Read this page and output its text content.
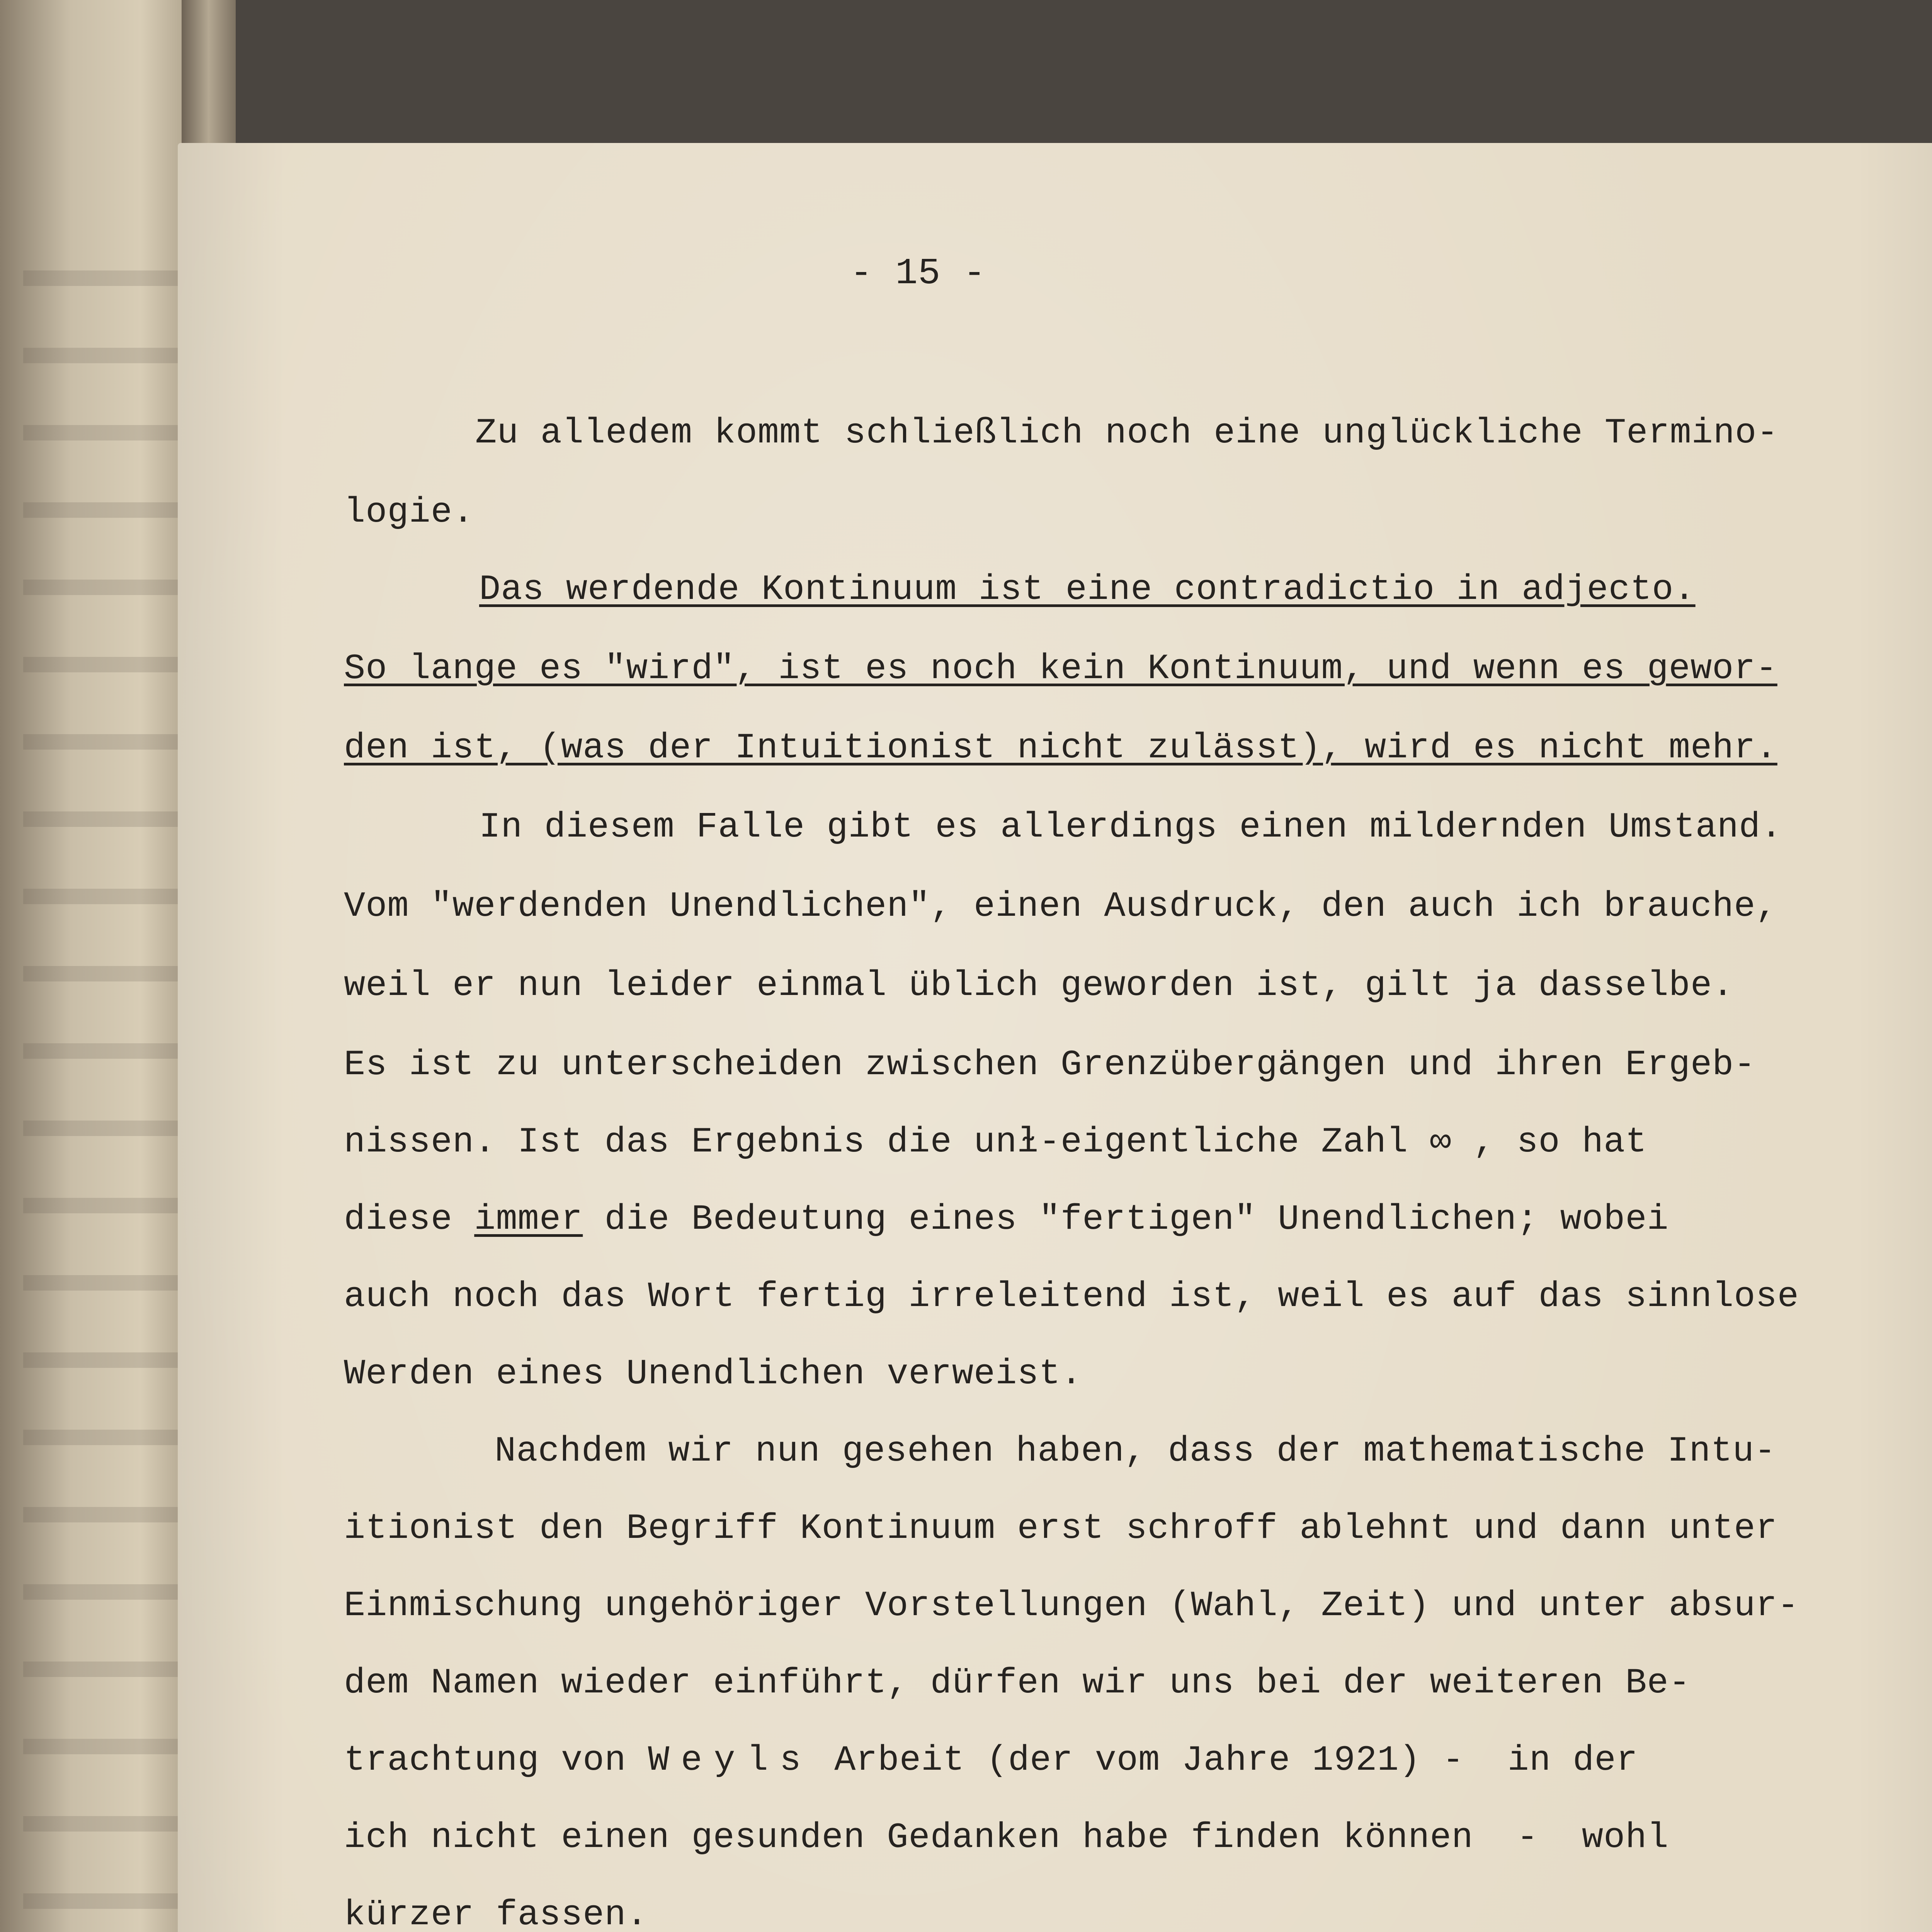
- 15 -
Zu alledem kommt schließlich noch eine unglückliche Termino-
logie.
Das werdende Kontinuum ist eine contradictio in adjecto.
So lange es "wird", ist es noch kein Kontinuum, und wenn es gewor-
den ist, (was der Intuitionist nicht zulässt), wird es nicht mehr.
In diesem Falle gibt es allerdings einen mildernden Umstand.
Vom "werdenden Unendlichen", einen Ausdruck, den auch ich brauche,
weil er nun leider einmal üblich geworden ist, gilt ja dasselbe.
Es ist zu unterscheiden zwischen Grenzübergängen und ihren Ergeb-
nissen. Ist das Ergebnis die unɫ-eigentliche Zahl ∞ , so hat
diese immer die Bedeutung eines "fertigen" Unendlichen; wobei
auch noch das Wort fertig irreleitend ist, weil es auf das sinnlose
Werden eines Unendlichen verweist.
Nachdem wir nun gesehen haben, dass der mathematische Intu-
itionist den Begriff Kontinuum erst schroff ablehnt und dann unter
Einmischung ungehöriger Vorstellungen (Wahl, Zeit) und unter absur-
dem Namen wieder einführt, dürfen wir uns bei der weiteren Be-
trachtung von Weyls Arbeit (der vom Jahre 1921) -  in der
ich nicht einen gesunden Gedanken habe finden können  -  wohl
kürzer fassen.
